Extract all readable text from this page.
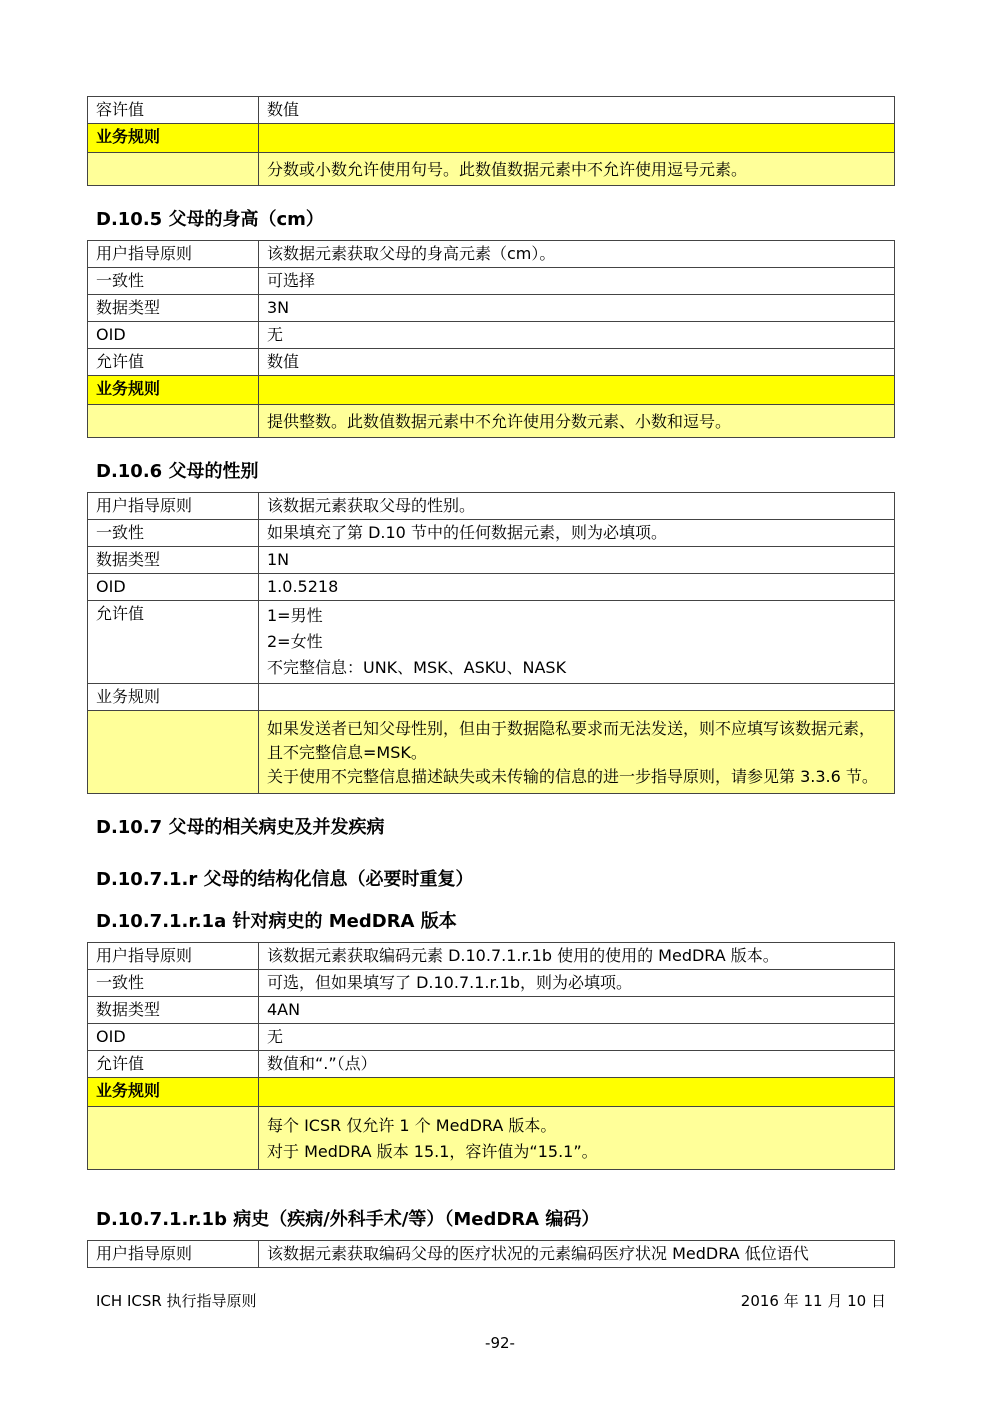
容许值	数值
业务规则	
	分数或小数允许使用句号。此数值数据元素中不允许使用逗号元素。
D.10.5 父母的身高（cm）
用户指导原则	该数据元素获取父母的身高元素（cm）。
一致性	可选择
数据类型	3N
OID	无
允许值	数值
业务规则	
	提供整数。此数值数据元素中不允许使用分数元素、小数和逗号。
D.10.6 父母的性别
用户指导原则	该数据元素获取父母的性别。
一致性	如果填充了第 D.10 节中的任何数据元素，则为必填项。
数据类型	1N
OID	1.0.5218
允许值	1=男性
2=女性
不完整信息：UNK、MSK、ASKU、NASK

业务规则	

	如果发送者已知父母性别，但由于数据隐私要求而无法发送，则不应填写该数据元素，且不完整信息=MSK。
关于使用不完整信息描述缺失或未传输的信息的进一步指导原则，请参见第 3.3.6 节。
D.10.7 父母的相关病史及并发疾病
D.10.7.1.r 父母的结构化信息（必要时重复）
D.10.7.1.r.1a 针对病史的 MedDRA 版本
用户指导原则	该数据元素获取编码元素 D.10.7.1.r.1b 使用的使用的 MedDRA 版本。
一致性	可选，但如果填写了 D.10.7.1.r.1b，则为必填项。
数据类型	4AN
OID	无
允许值	数值和“.”（点）
业务规则	

	每个 ICSR 仅允许 1 个 MedDRA 版本。
对于 MedDRA 版本 15.1，容许值为“15.1”。
D.10.7.1.r.1b 病史（疾病/外科手术/等）（MedDRA 编码）
用户指导原则	该数据元素获取编码父母的医疗状况的元素编码医疗状况 MedDRA 低位语代
ICH ICSR 执行指导原则	2016 年 11 月 10 日
-92-
